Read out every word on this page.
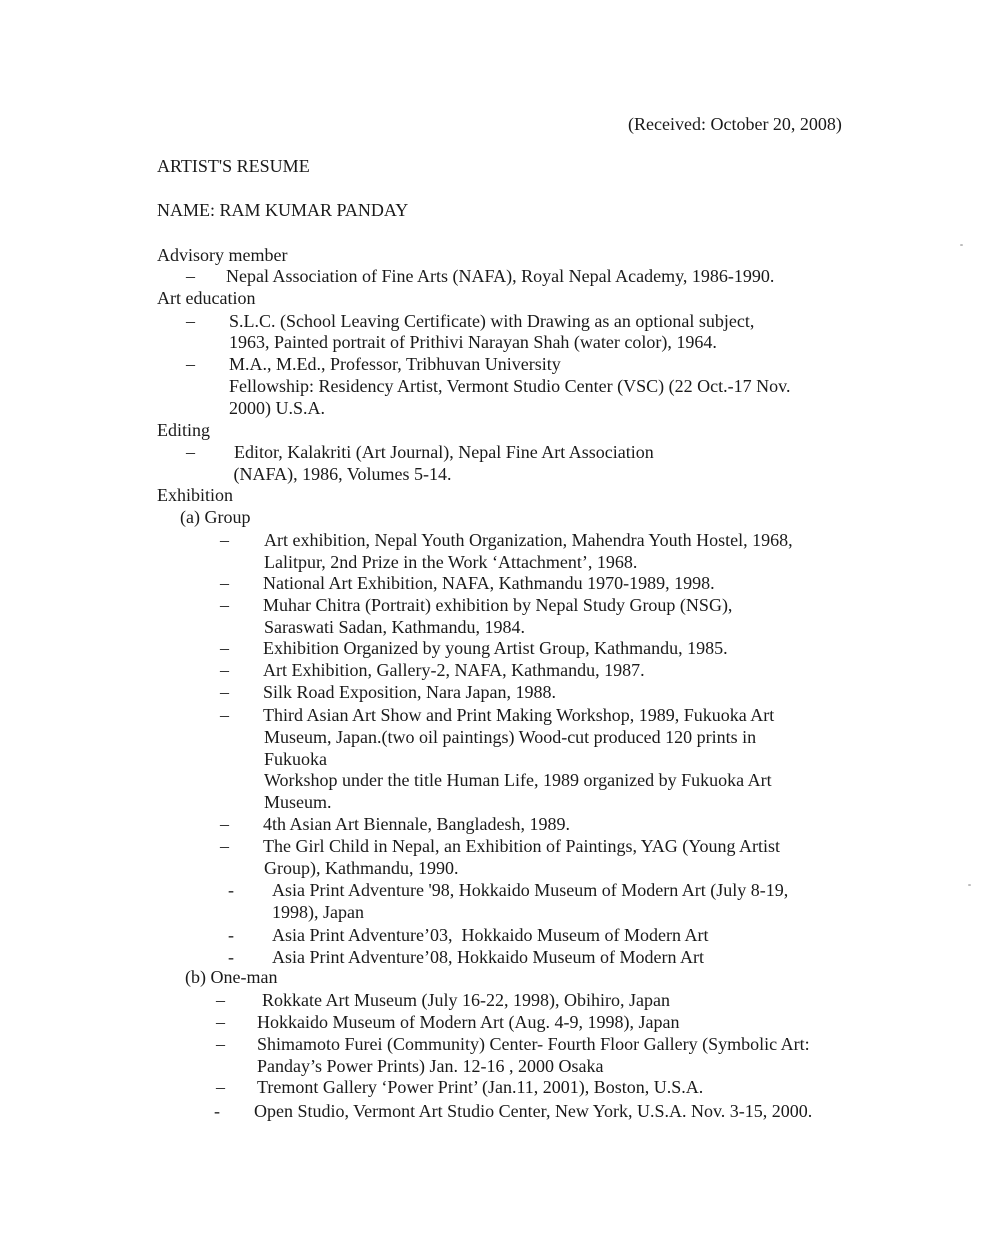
(Received: October 20, 2008)
ARTIST'S RESUME
NAME: RAM KUMAR PANDAY
Advisory member
– Nepal Association of Fine Arts (NAFA), Royal Nepal Academy, 1986-1990.
Art education
– S.L.C. (School Leaving Certificate) with Drawing as an optional subject,
1963, Painted portrait of Prithivi Narayan Shah (water color), 1964.
– M.A., M.Ed., Professor, Tribhuvan University
Fellowship: Residency Artist, Vermont Studio Center (VSC) (22 Oct.-17 Nov.
2000) U.S.A.
Editing
– Editor, Kalakriti (Art Journal), Nepal Fine Art Association
(NAFA), 1986, Volumes 5-14.
Exhibition
(a) Group
– Art exhibition, Nepal Youth Organization, Mahendra Youth Hostel, 1968,
Lalitpur, 2nd Prize in the Work ‘Attachment’, 1968.
– National Art Exhibition, NAFA, Kathmandu 1970-1989, 1998.
– Muhar Chitra (Portrait) exhibition by Nepal Study Group (NSG),
Saraswati Sadan, Kathmandu, 1984.
– Exhibition Organized by young Artist Group, Kathmandu, 1985.
– Art Exhibition, Gallery-2, NAFA, Kathmandu, 1987.
– Silk Road Exposition, Nara Japan, 1988.
– Third Asian Art Show and Print Making Workshop, 1989, Fukuoka Art
Museum, Japan.(two oil paintings) Wood-cut produced 120 prints in
Fukuoka
Workshop under the title Human Life, 1989 organized by Fukuoka Art
Museum.
– 4th Asian Art Biennale, Bangladesh, 1989.
– The Girl Child in Nepal, an Exhibition of Paintings, YAG (Young Artist
Group), Kathmandu, 1990.
- Asia Print Adventure '98, Hokkaido Museum of Modern Art (July 8-19,
1998), Japan
- Asia Print Adventure’03,  Hokkaido Museum of Modern Art
- Asia Print Adventure’08, Hokkaido Museum of Modern Art
(b) One-man
– Rokkate Art Museum (July 16-22, 1998), Obihiro, Japan
– Hokkaido Museum of Modern Art (Aug. 4-9, 1998), Japan
– Shimamoto Furei (Community) Center- Fourth Floor Gallery (Symbolic Art:
Panday’s Power Prints) Jan. 12-16 , 2000 Osaka
– Tremont Gallery ‘Power Print’ (Jan.11, 2001), Boston, U.S.A.
- Open Studio, Vermont Art Studio Center, New York, U.S.A. Nov. 3-15, 2000.
